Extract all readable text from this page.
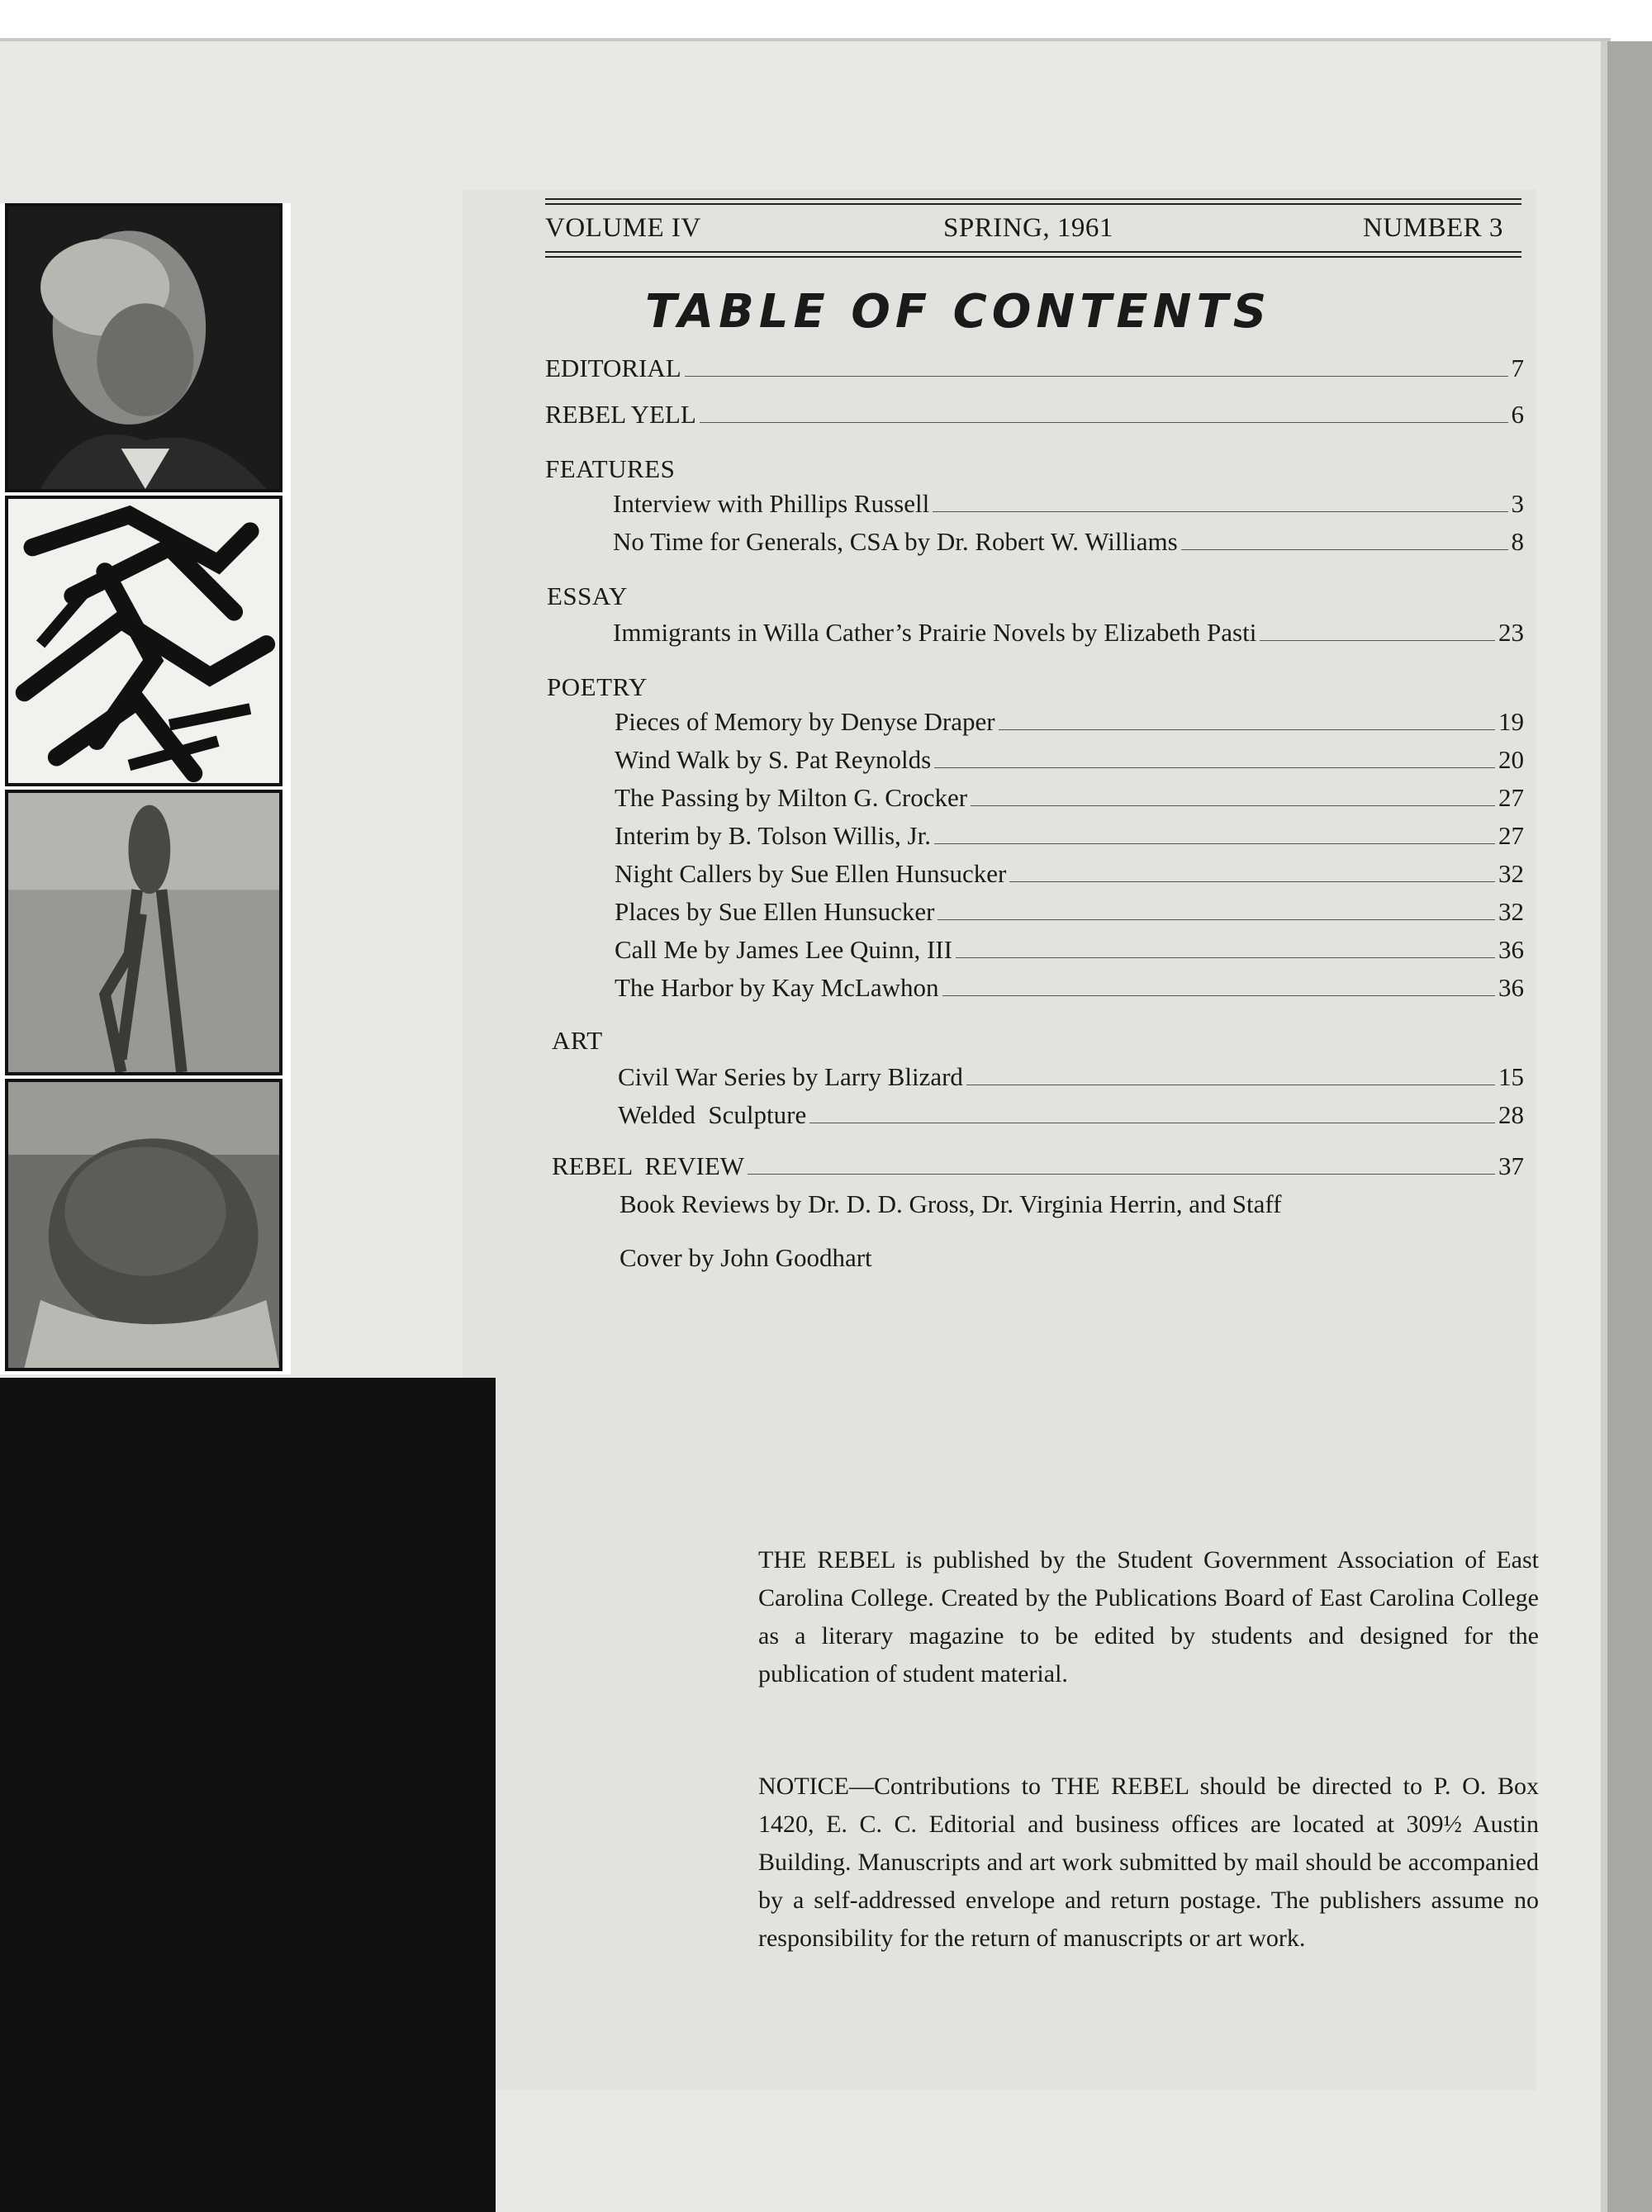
VOLUME IV	SPRING, 1961	NUMBER 3
TABLE OF CONTENTS
EDITORIAL	7
REBEL YELL	6
FEATURES
Interview with Phillips Russell	3
No Time for Generals, CSA by Dr. Robert W. Williams	8
ESSAY
Immigrants in Willa Cather’s Prairie Novels by Elizabeth Pasti	23
POETRY
Pieces of Memory by Denyse Draper	19
Wind Walk by S. Pat Reynolds	20
The Passing by Milton G. Crocker	27
Interim by B. Tolson Willis, Jr.	27
Night Callers by Sue Ellen Hunsucker	32
Places by Sue Ellen Hunsucker	32
Call Me by James Lee Quinn, III	36
The Harbor by Kay McLawhon	36
ART
Civil War Series by Larry Blizard	15
Welded  Sculpture	28
REBEL  REVIEW	37
Book Reviews by Dr. D. D. Gross, Dr. Virginia Herrin, and Staff
Cover by John Goodhart

THE REBEL is published by the Student Government Association of East Carolina College. Created by the Publications Board of East Carolina College as a literary magazine to be edited by students and designed for the publication of student material.

NOTICE—Contributions to THE REBEL should be directed to P. O. Box 1420, E. C. C. Editorial and business offices are located at 309½ Austin Building. Manuscripts and art work submitted by mail should be accompanied by a self-addressed envelope and return postage. The publishers assume no responsibility for the return of manuscripts or art work.
